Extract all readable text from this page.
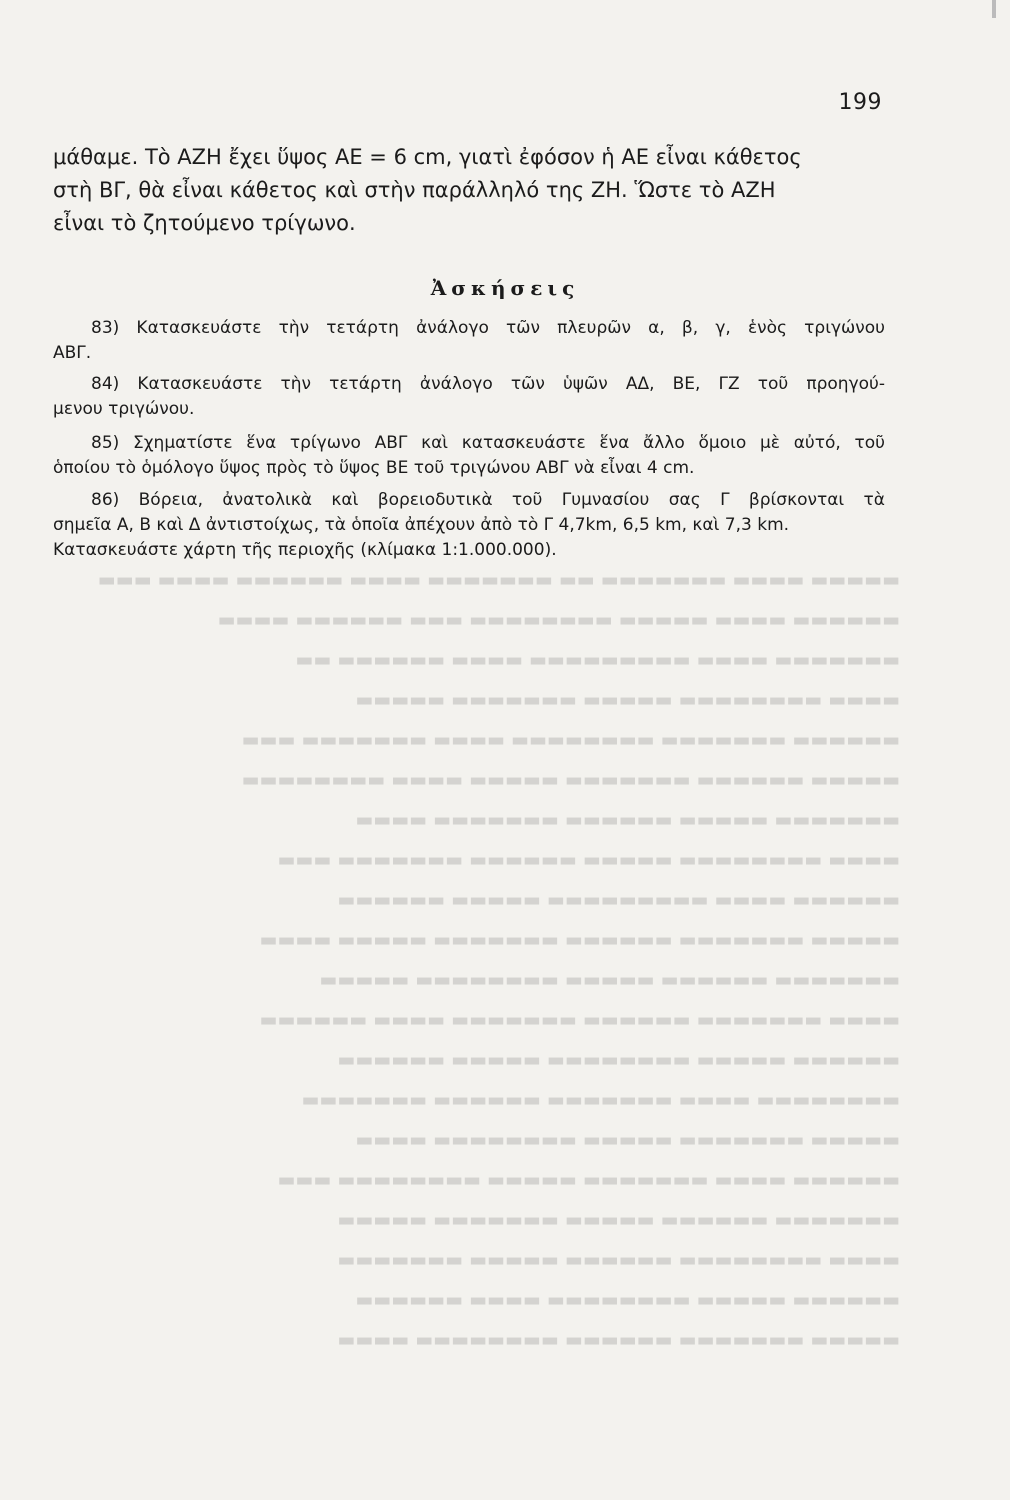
199

μάθαμε. Τὸ ΑΖΗ ἔχει ὕψος ΑΕ = 6 cm, γιατὶ ἐφόσον ἡ ΑΕ εἶναι κάθετος

στὴ ΒΓ, θὰ εἶναι κάθετος καὶ στὴν παράλληλό της ΖΗ. Ὥστε τὸ ΑΖΗ

εἶναι τὸ ζητούμενο τρίγωνο.

Ἀσκήσεις
83) Κατασκευάστε τὴν τετάρτη ἀνάλογο τῶν πλευρῶν α, β, γ, ἑνὸς τριγώνου
ΑΒΓ.
84) Κατασκευάστε τὴν τετάρτη ἀνάλογο τῶν ὑψῶν ΑΔ, ΒΕ, ΓΖ τοῦ προηγού-
μενου τριγώνου.
85) Σχηματίστε ἕνα τρίγωνο ΑΒΓ καὶ κατασκευάστε ἕνα ἄλλο ὅμοιο μὲ αὐτό, τοῦ
ὁποίου τὸ ὁμόλογο ὕψος πρὸς τὸ ὕψος ΒΕ τοῦ τριγώνου ΑΒΓ νὰ εἶναι 4 cm.
86) Βόρεια, ἀνατολικὰ καὶ βορειοδυτικὰ τοῦ Γυμνασίου σας Γ βρίσκονται τὰ
σημεῖα Α, Β καὶ Δ ἀντιστοίχως, τὰ ὁποῖα ἀπέχουν ἀπὸ τὸ Γ 4,7km, 6,5 km, καὶ 7,3 km.
Κατασκευάστε χάρτη τῆς περιοχῆς (κλίμακα 1:1.000.000).
▬▬▬▬▬ ▬▬▬▬ ▬▬▬▬▬▬▬ ▬▬ ▬▬▬▬▬▬▬ ▬▬▬▬ ▬▬▬▬▬▬ ▬▬▬▬ ▬▬▬
▬▬▬▬▬▬ ▬▬▬▬ ▬▬▬▬▬ ▬▬▬▬▬▬▬▬ ▬▬▬ ▬▬▬▬▬▬ ▬▬▬▬
▬▬▬▬▬▬▬ ▬▬▬▬ ▬▬▬▬▬▬▬▬▬ ▬▬▬▬ ▬▬▬▬▬▬ ▬▬
▬▬▬▬ ▬▬▬▬▬▬▬▬ ▬▬▬▬▬ ▬▬▬▬▬▬▬ ▬▬▬▬▬
▬▬▬▬▬▬ ▬▬▬▬▬▬▬ ▬▬▬▬▬▬▬▬ ▬▬▬▬ ▬▬▬▬▬▬▬ ▬▬▬
▬▬▬▬▬ ▬▬▬▬▬▬ ▬▬▬▬▬▬▬ ▬▬▬▬▬ ▬▬▬▬ ▬▬▬▬▬▬▬▬
▬▬▬▬▬▬▬ ▬▬▬▬▬ ▬▬▬▬▬▬ ▬▬▬▬▬▬▬ ▬▬▬▬
▬▬▬▬ ▬▬▬▬▬▬▬▬ ▬▬▬▬▬ ▬▬▬▬▬▬ ▬▬▬▬▬▬▬ ▬▬▬
▬▬▬▬▬▬ ▬▬▬▬ ▬▬▬▬▬▬▬▬▬ ▬▬▬▬▬ ▬▬▬▬▬▬
▬▬▬▬▬ ▬▬▬▬▬▬▬ ▬▬▬▬▬▬ ▬▬▬▬▬▬▬ ▬▬▬▬▬ ▬▬▬▬
▬▬▬▬▬▬▬ ▬▬▬▬▬▬ ▬▬▬▬▬ ▬▬▬▬▬▬▬▬ ▬▬▬▬▬
▬▬▬▬ ▬▬▬▬▬▬▬ ▬▬▬▬▬▬ ▬▬▬▬▬▬▬ ▬▬▬▬ ▬▬▬▬▬▬
▬▬▬▬▬▬ ▬▬▬▬▬ ▬▬▬▬▬▬▬▬ ▬▬▬▬▬ ▬▬▬▬▬▬
▬▬▬▬▬▬▬▬ ▬▬▬▬ ▬▬▬▬▬▬▬ ▬▬▬▬▬▬ ▬▬▬▬▬▬▬
▬▬▬▬▬ ▬▬▬▬▬▬▬ ▬▬▬▬▬ ▬▬▬▬▬▬▬▬ ▬▬▬▬
▬▬▬▬▬▬ ▬▬▬▬ ▬▬▬▬▬▬▬ ▬▬▬▬▬ ▬▬▬▬▬▬▬▬ ▬▬▬
▬▬▬▬▬▬▬ ▬▬▬▬▬▬ ▬▬▬▬▬ ▬▬▬▬▬▬▬ ▬▬▬▬▬
▬▬▬▬ ▬▬▬▬▬▬▬▬ ▬▬▬▬▬▬ ▬▬▬▬▬ ▬▬▬▬▬▬▬
▬▬▬▬▬▬ ▬▬▬▬▬ ▬▬▬▬▬▬▬▬ ▬▬▬▬ ▬▬▬▬▬▬
▬▬▬▬▬ ▬▬▬▬▬▬▬ ▬▬▬▬▬▬ ▬▬▬▬▬▬▬▬ ▬▬▬▬
